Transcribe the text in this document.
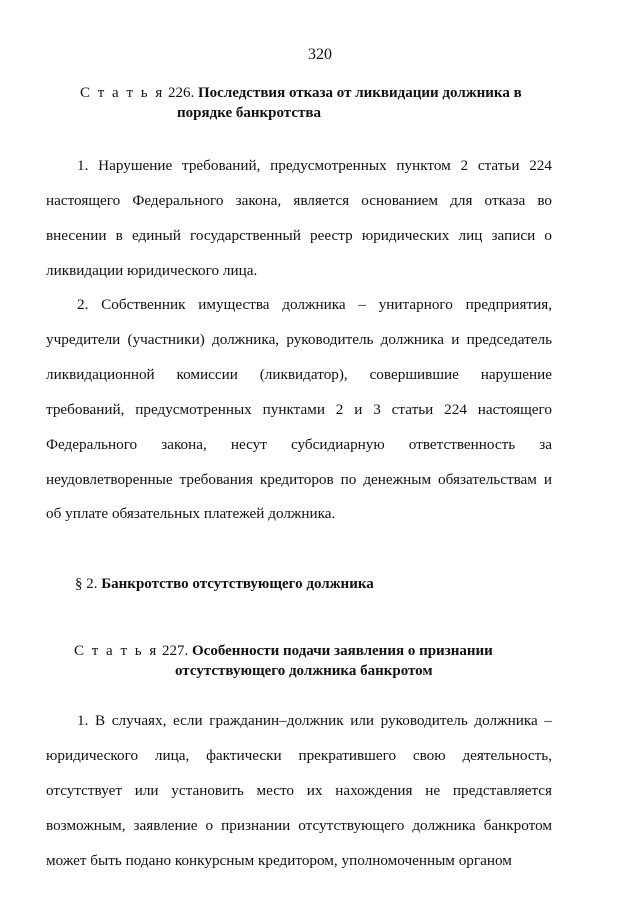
320
С т а т ь я 226. Последствия отказа от ликвидации должника в
порядке банкротства

1. Нарушение требований, предусмотренных пунктом 2 статьи 224 настоящего Федерального закона, является основанием для отказа во внесении в единый государственный реестр юридических лиц записи о ликвидации юридического лица.

2. Собственник имущества должника – унитарного предприятия, учредители (участники) должника, руководитель должника и председатель ликвидационной комиссии (ликвидатор), совершившие нарушение требований, предусмотренных пунктами 2 и 3 статьи 224 настоящего Федерального закона, несут субсидиарную ответственность за неудовлетворенные требования кредиторов по денежным обязательствам и об уплате обязательных платежей должника.

§ 2. Банкротство отсутствующего должника
С т а т ь я 227. Особенности подачи заявления о признании
отсутствующего должника банкротом

1. В случаях, если гражданин–должник или руководитель должника – юридического лица, фактически прекратившего свою деятельность, отсутствует или установить место их нахождения не представляется возможным, заявление о признании отсутствующего должника банкротом может быть подано конкурсным кредитором, уполномоченным органом
